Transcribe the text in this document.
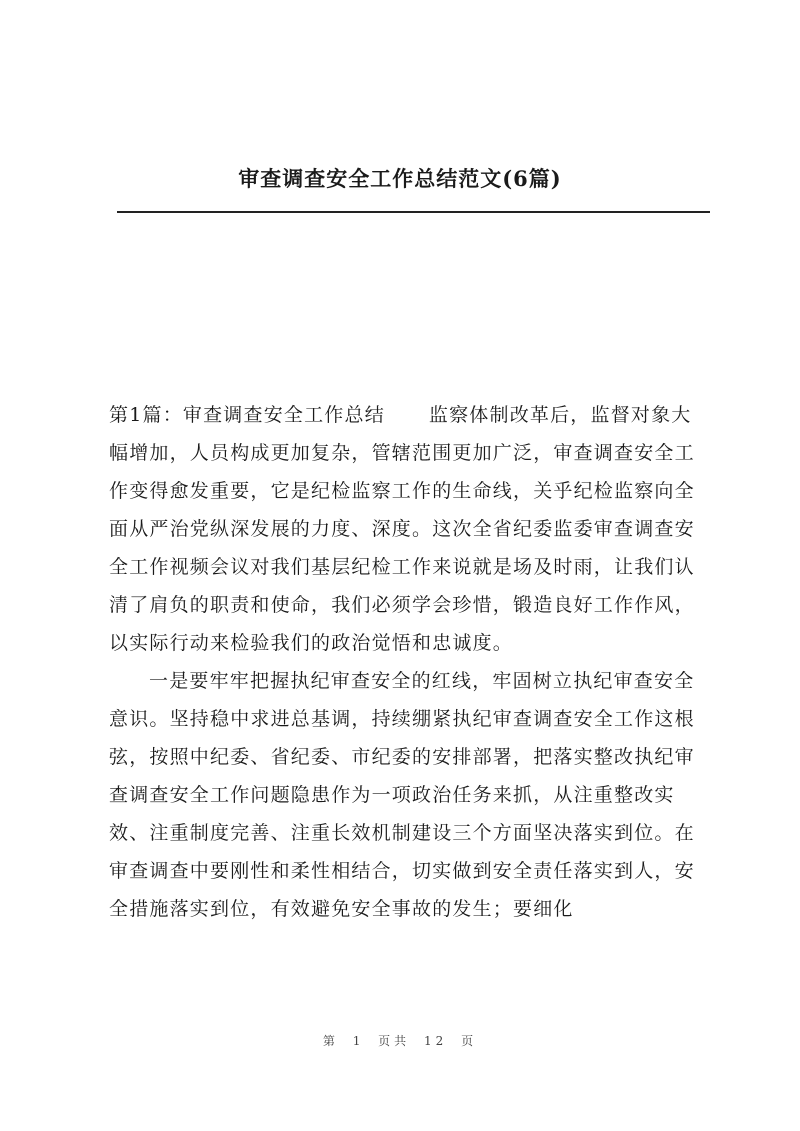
审查调查安全工作总结范文(6篇)

第1篇：审查调查安全工作总结 监察体制改革后，监督对象大幅增加，人员构成更加复杂，管辖范围更加广泛，审查调查安全工作变得愈发重要，它是纪检监察工作的生命线，关乎纪检监察向全面从严治党纵深发展的力度、深度。这次全省纪委监委审查调查安全工作视频会议对我们基层纪检工作来说就是场及时雨，让我们认清了肩负的职责和使命，我们必须学会珍惜，锻造良好工作作风，以实际行动来检验我们的政治觉悟和忠诚度。

一是要牢牢把握执纪审查安全的红线，牢固树立执纪审查安全意识。坚持稳中求进总基调，持续绷紧执纪审查调查安全工作这根弦，按照中纪委、省纪委、市纪委的安排部署，把落实整改执纪审查调查安全工作问题隐患作为一项政治任务来抓，从注重整改实效、注重制度完善、注重长效机制建设三个方面坚决落实到位。在审查调查中要刚性和柔性相结合，切实做到安全责任落实到人，安全措施落实到位，有效避免安全事故的发生；要细化

第 1 页共 12 页
